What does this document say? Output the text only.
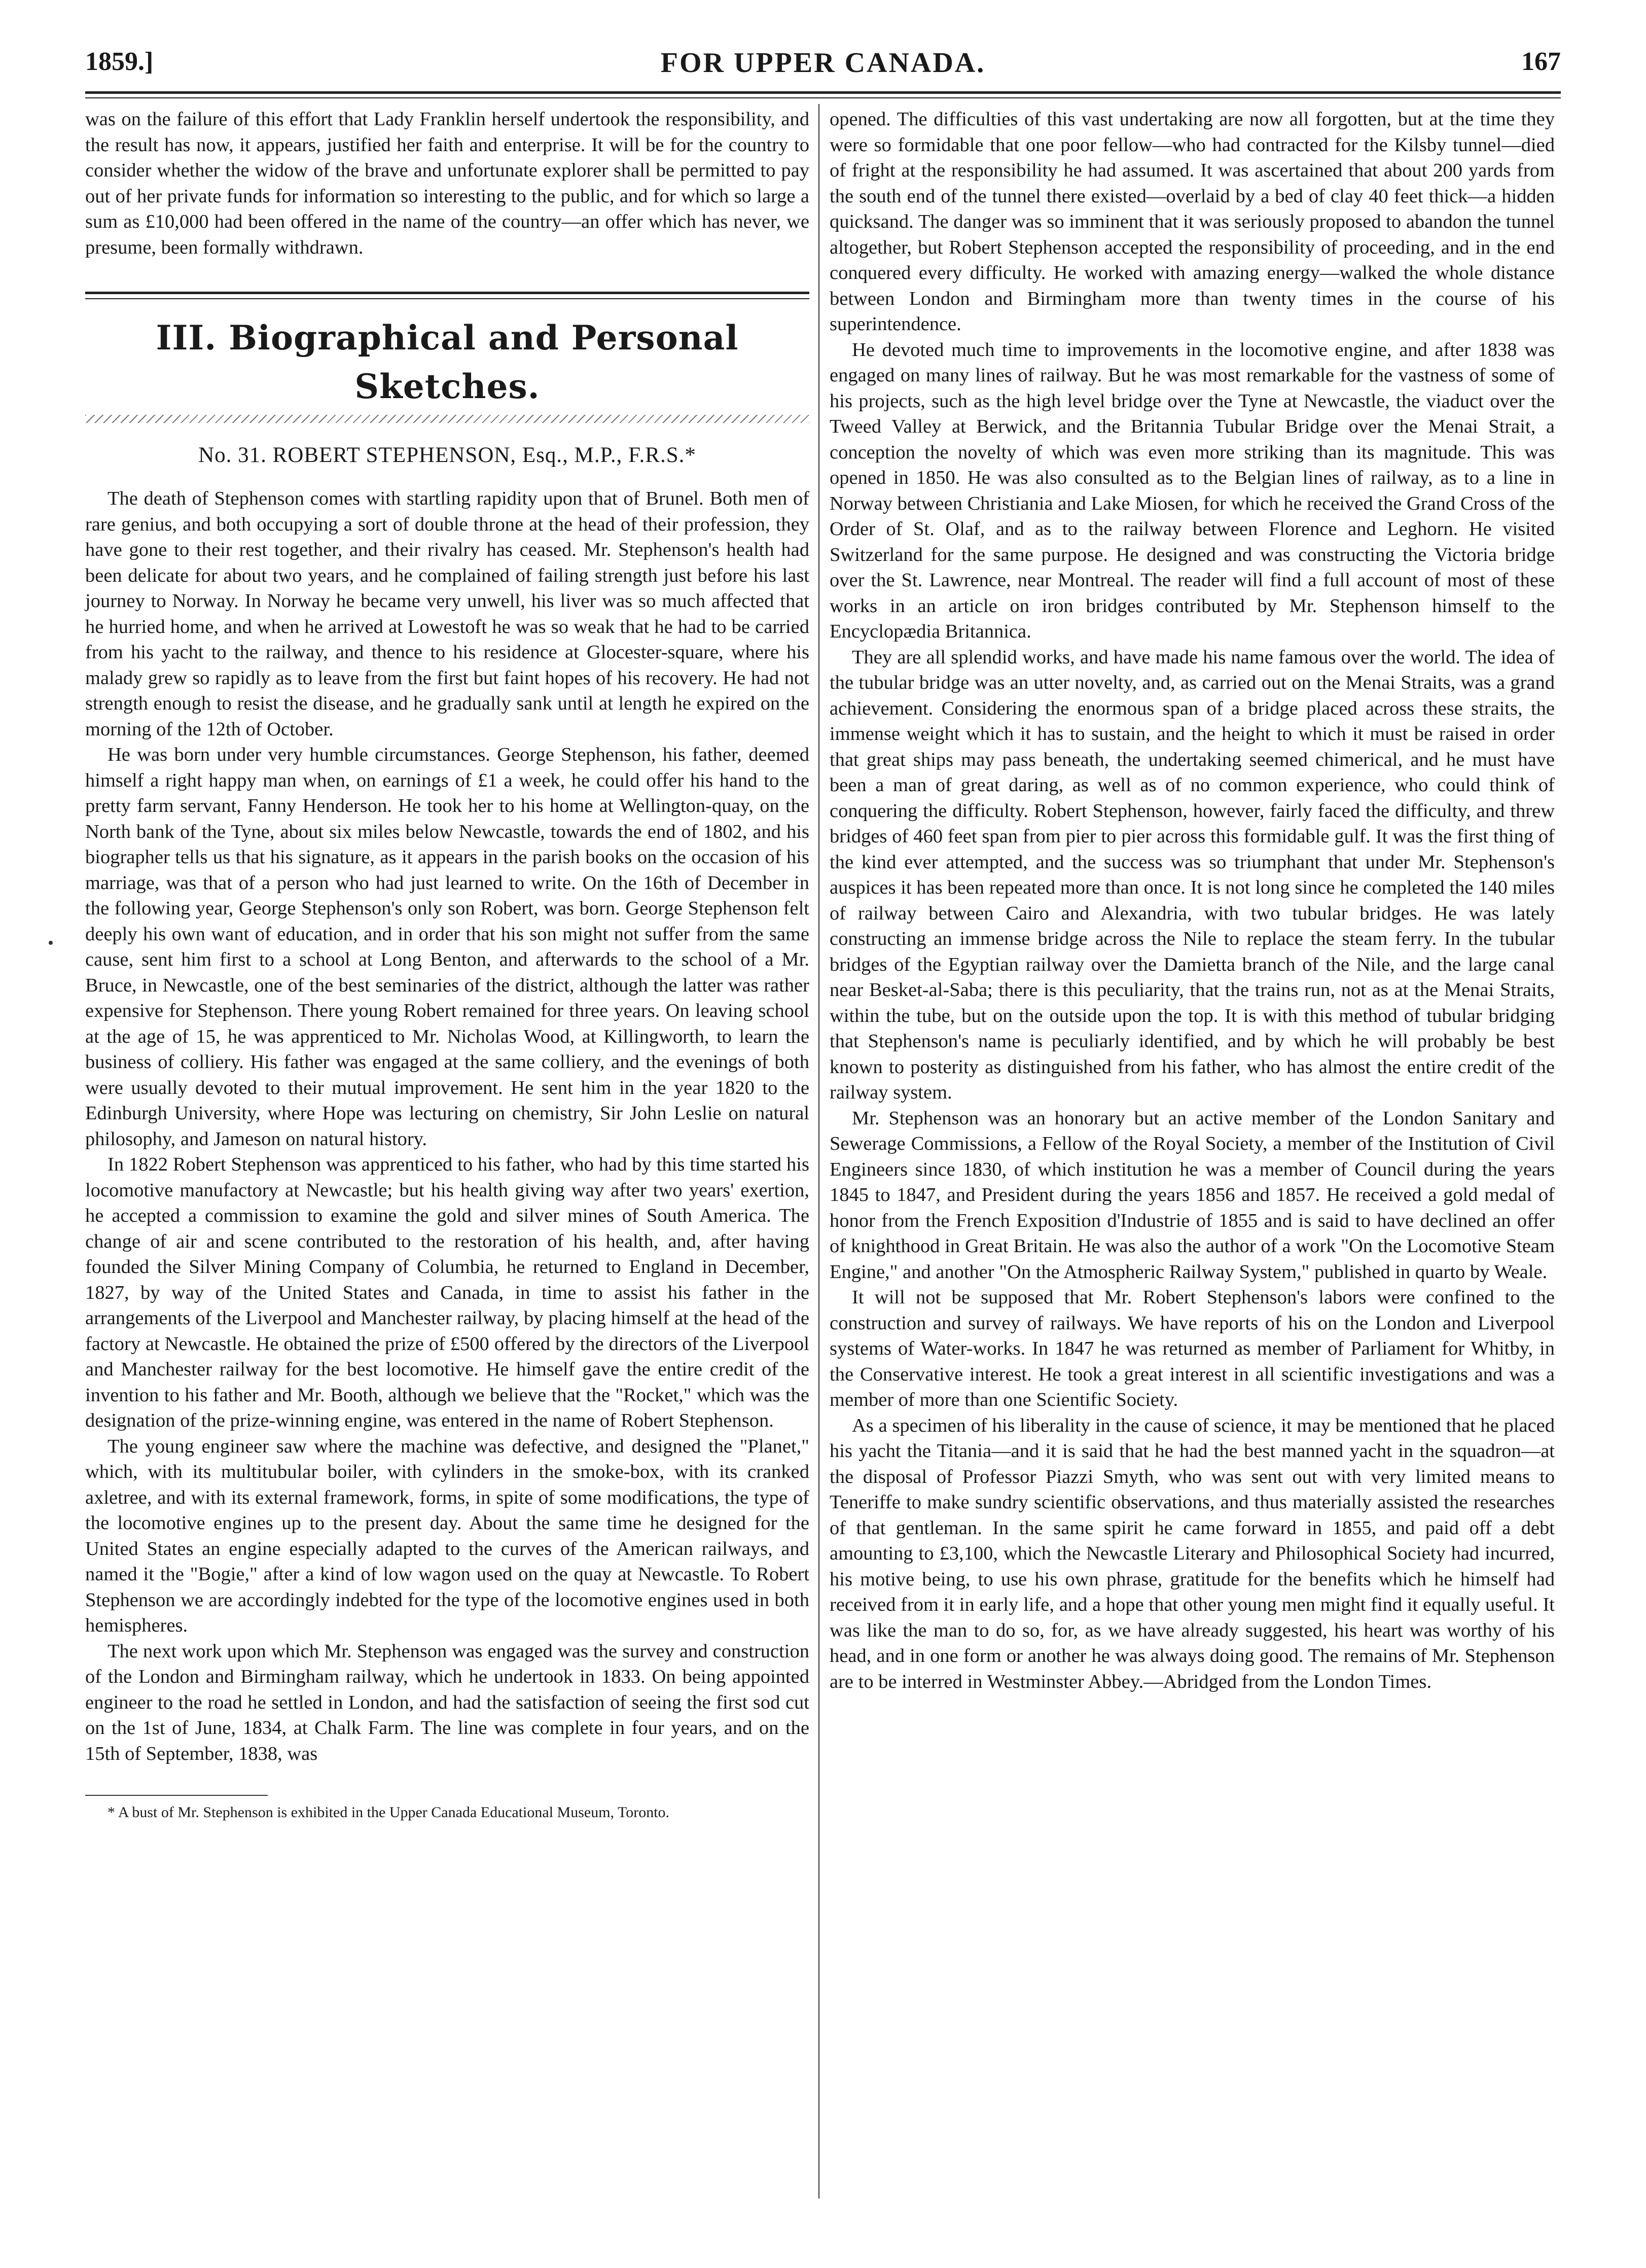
1859.]	FOR UPPER CANADA.	167

was on the failure of this effort that Lady Franklin herself undertook the responsibility, and the result has now, it appears, justified her faith and enterprise. It will be for the country to consider whether the widow of the brave and unfortunate explorer shall be permitted to pay out of her private funds for information so interesting to the public, and for which so large a sum as £10,000 had been offered in the name of the country—an offer which has never, we presume, been formally withdrawn.

III. Biographical and Personal Sketches.
No. 31. ROBERT STEPHENSON, Esq., M.P., F.R.S.*

The death of Stephenson comes with startling rapidity upon that of Brunel. Both men of rare genius, and both occupying a sort of double throne at the head of their profession, they have gone to their rest together, and their rivalry has ceased. Mr. Stephenson's health had been delicate for about two years, and he complained of failing strength just before his last journey to Norway. In Norway he became very unwell, his liver was so much affected that he hurried home, and when he arrived at Lowestoft he was so weak that he had to be carried from his yacht to the railway, and thence to his residence at Glocester-square, where his malady grew so rapidly as to leave from the first but faint hopes of his recovery. He had not strength enough to resist the disease, and he gradually sank until at length he expired on the morning of the 12th of October.

He was born under very humble circumstances. George Stephenson, his father, deemed himself a right happy man when, on earnings of £1 a week, he could offer his hand to the pretty farm servant, Fanny Henderson. He took her to his home at Wellington-quay, on the North bank of the Tyne, about six miles below Newcastle, towards the end of 1802, and his biographer tells us that his signature, as it appears in the parish books on the occasion of his marriage, was that of a person who had just learned to write. On the 16th of December in the following year, George Stephenson's only son Robert, was born. George Stephenson felt deeply his own want of education, and in order that his son might not suffer from the same cause, sent him first to a school at Long Benton, and afterwards to the school of a Mr. Bruce, in Newcastle, one of the best seminaries of the district, although the latter was rather expensive for Stephenson. There young Robert remained for three years. On leaving school at the age of 15, he was apprenticed to Mr. Nicholas Wood, at Killingworth, to learn the business of colliery. His father was engaged at the same colliery, and the evenings of both were usually devoted to their mutual improvement. He sent him in the year 1820 to the Edinburgh University, where Hope was lecturing on chemistry, Sir John Leslie on natural philosophy, and Jameson on natural history.

In 1822 Robert Stephenson was apprenticed to his father, who had by this time started his locomotive manufactory at Newcastle; but his health giving way after two years' exertion, he accepted a commission to examine the gold and silver mines of South America. The change of air and scene contributed to the restoration of his health, and, after having founded the Silver Mining Company of Columbia, he returned to England in December, 1827, by way of the United States and Canada, in time to assist his father in the arrangements of the Liverpool and Manchester railway, by placing himself at the head of the factory at Newcastle. He obtained the prize of £500 offered by the directors of the Liverpool and Manchester railway for the best locomotive. He himself gave the entire credit of the invention to his father and Mr. Booth, although we believe that the "Rocket," which was the designation of the prize-winning engine, was entered in the name of Robert Stephenson.

The young engineer saw where the machine was defective, and designed the "Planet," which, with its multitubular boiler, with cylinders in the smoke-box, with its cranked axletree, and with its external framework, forms, in spite of some modifications, the type of the locomotive engines up to the present day. About the same time he designed for the United States an engine especially adapted to the curves of the American railways, and named it the "Bogie," after a kind of low wagon used on the quay at Newcastle. To Robert Stephenson we are accordingly indebted for the type of the locomotive engines used in both hemispheres.

The next work upon which Mr. Stephenson was engaged was the survey and construction of the London and Birmingham railway, which he undertook in 1833. On being appointed engineer to the road he settled in London, and had the satisfaction of seeing the first sod cut on the 1st of June, 1834, at Chalk Farm. The line was complete in four years, and on the 15th of September, 1838, was

* A bust of Mr. Stephenson is exhibited in the Upper Canada Educational Museum, Toronto.

opened. The difficulties of this vast undertaking are now all forgotten, but at the time they were so formidable that one poor fellow—who had contracted for the Kilsby tunnel—died of fright at the responsibility he had assumed. It was ascertained that about 200 yards from the south end of the tunnel there existed—overlaid by a bed of clay 40 feet thick—a hidden quicksand. The danger was so imminent that it was seriously proposed to abandon the tunnel altogether, but Robert Stephenson accepted the responsibility of proceeding, and in the end conquered every difficulty. He worked with amazing energy—walked the whole distance between London and Birmingham more than twenty times in the course of his superintendence.

He devoted much time to improvements in the locomotive engine, and after 1838 was engaged on many lines of railway. But he was most remarkable for the vastness of some of his projects, such as the high level bridge over the Tyne at Newcastle, the viaduct over the Tweed Valley at Berwick, and the Britannia Tubular Bridge over the Menai Strait, a conception the novelty of which was even more striking than its magnitude. This was opened in 1850. He was also consulted as to the Belgian lines of railway, as to a line in Norway between Christiania and Lake Miosen, for which he received the Grand Cross of the Order of St. Olaf, and as to the railway between Florence and Leghorn. He visited Switzerland for the same purpose. He designed and was constructing the Victoria bridge over the St. Lawrence, near Montreal. The reader will find a full account of most of these works in an article on iron bridges contributed by Mr. Stephenson himself to the Encyclopædia Britannica.

They are all splendid works, and have made his name famous over the world. The idea of the tubular bridge was an utter novelty, and, as carried out on the Menai Straits, was a grand achievement. Considering the enormous span of a bridge placed across these straits, the immense weight which it has to sustain, and the height to which it must be raised in order that great ships may pass beneath, the undertaking seemed chimerical, and he must have been a man of great daring, as well as of no common experience, who could think of conquering the difficulty. Robert Stephenson, however, fairly faced the difficulty, and threw bridges of 460 feet span from pier to pier across this formidable gulf. It was the first thing of the kind ever attempted, and the success was so triumphant that under Mr. Stephenson's auspices it has been repeated more than once. It is not long since he completed the 140 miles of railway between Cairo and Alexandria, with two tubular bridges. He was lately constructing an immense bridge across the Nile to replace the steam ferry. In the tubular bridges of the Egyptian railway over the Damietta branch of the Nile, and the large canal near Besket-al-Saba; there is this peculiarity, that the trains run, not as at the Menai Straits, within the tube, but on the outside upon the top. It is with this method of tubular bridging that Stephenson's name is peculiarly identified, and by which he will probably be best known to posterity as distinguished from his father, who has almost the entire credit of the railway system.

Mr. Stephenson was an honorary but an active member of the London Sanitary and Sewerage Commissions, a Fellow of the Royal Society, a member of the Institution of Civil Engineers since 1830, of which institution he was a member of Council during the years 1845 to 1847, and President during the years 1856 and 1857. He received a gold medal of honor from the French Exposition d'Industrie of 1855 and is said to have declined an offer of knighthood in Great Britain. He was also the author of a work "On the Locomotive Steam Engine," and another "On the Atmospheric Railway System," published in quarto by Weale.

It will not be supposed that Mr. Robert Stephenson's labors were confined to the construction and survey of railways. We have reports of his on the London and Liverpool systems of Water-works. In 1847 he was returned as member of Parliament for Whitby, in the Conservative interest. He took a great interest in all scientific investigations and was a member of more than one Scientific Society.

As a specimen of his liberality in the cause of science, it may be mentioned that he placed his yacht the Titania—and it is said that he had the best manned yacht in the squadron—at the disposal of Professor Piazzi Smyth, who was sent out with very limited means to Teneriffe to make sundry scientific observations, and thus materially assisted the researches of that gentleman. In the same spirit he came forward in 1855, and paid off a debt amounting to £3,100, which the Newcastle Literary and Philosophical Society had incurred, his motive being, to use his own phrase, gratitude for the benefits which he himself had received from it in early life, and a hope that other young men might find it equally useful. It was like the man to do so, for, as we have already suggested, his heart was worthy of his head, and in one form or another he was always doing good. The remains of Mr. Stephenson are to be interred in Westminster Abbey.—Abridged from the London Times.
